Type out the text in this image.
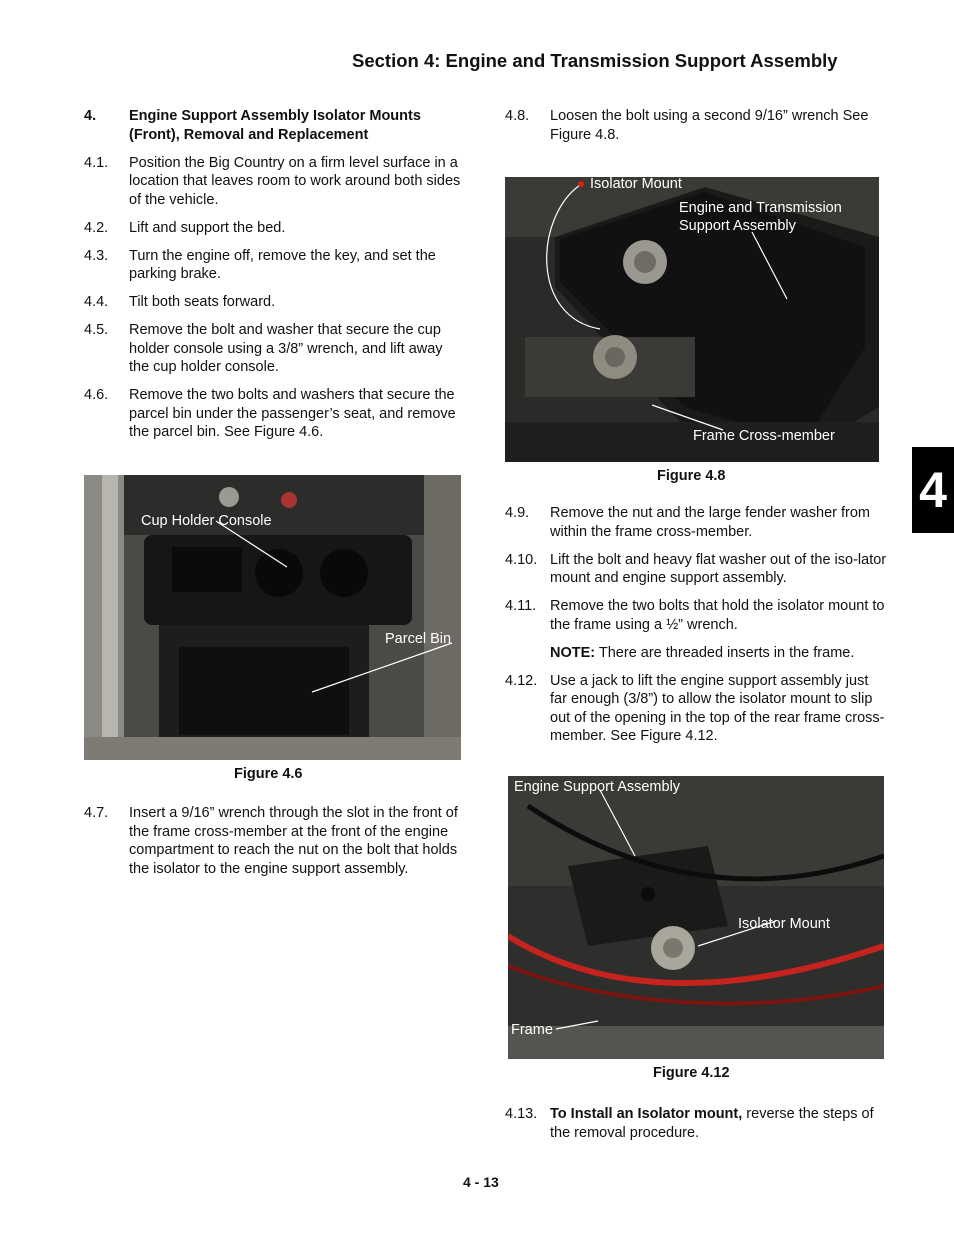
Section 4: Engine and Transmission Support Assembly
4. Engine Support Assembly Isolator Mounts (Front), Removal and Replacement
4.1. Position the Big Country on a firm level surface in a location that leaves room to work around both sides of the vehicle.
4.2. Lift and support the bed.
4.3. Turn the engine off, remove the key, and set the parking brake.
4.4. Tilt both seats forward.
4.5. Remove the bolt and washer that secure the cup holder console using a 3/8” wrench, and lift away the cup holder console.
4.6. Remove the two bolts and washers that secure the parcel bin under the passenger’s seat, and remove the parcel bin. See Figure 4.6.
4.7. Insert a 9/16” wrench through the slot in the front of the frame cross-member at the front of the engine compartment to reach the nut on the bolt that holds the isolator to the engine support assembly.
Cup Holder Console
Parcel Bin
Figure 4.6
4.8. Loosen the bolt using a second 9/16” wrench See Figure 4.8.
Isolator Mount
Engine and Transmission
Support Assembly
Frame Cross-member
Figure 4.8
4.9. Remove the nut and the large fender washer from within the frame cross-member.
4.10. Lift the bolt and heavy flat washer out of the iso-lator mount and engine support assembly.
4.11. Remove the two bolts that hold the isolator mount to the frame using a ½” wrench.
NOTE: There are threaded inserts in the frame.
4.12. Use a jack to lift the engine support assembly just far enough (3/8”) to allow the isolator mount to slip out of the opening in the top of the rear frame cross-member. See Figure 4.12.
Engine Support Assembly
Isolator Mount
Frame
Figure 4.12
4.13. To Install an Isolator mount, reverse the steps of the removal procedure.
4
4 - 13
